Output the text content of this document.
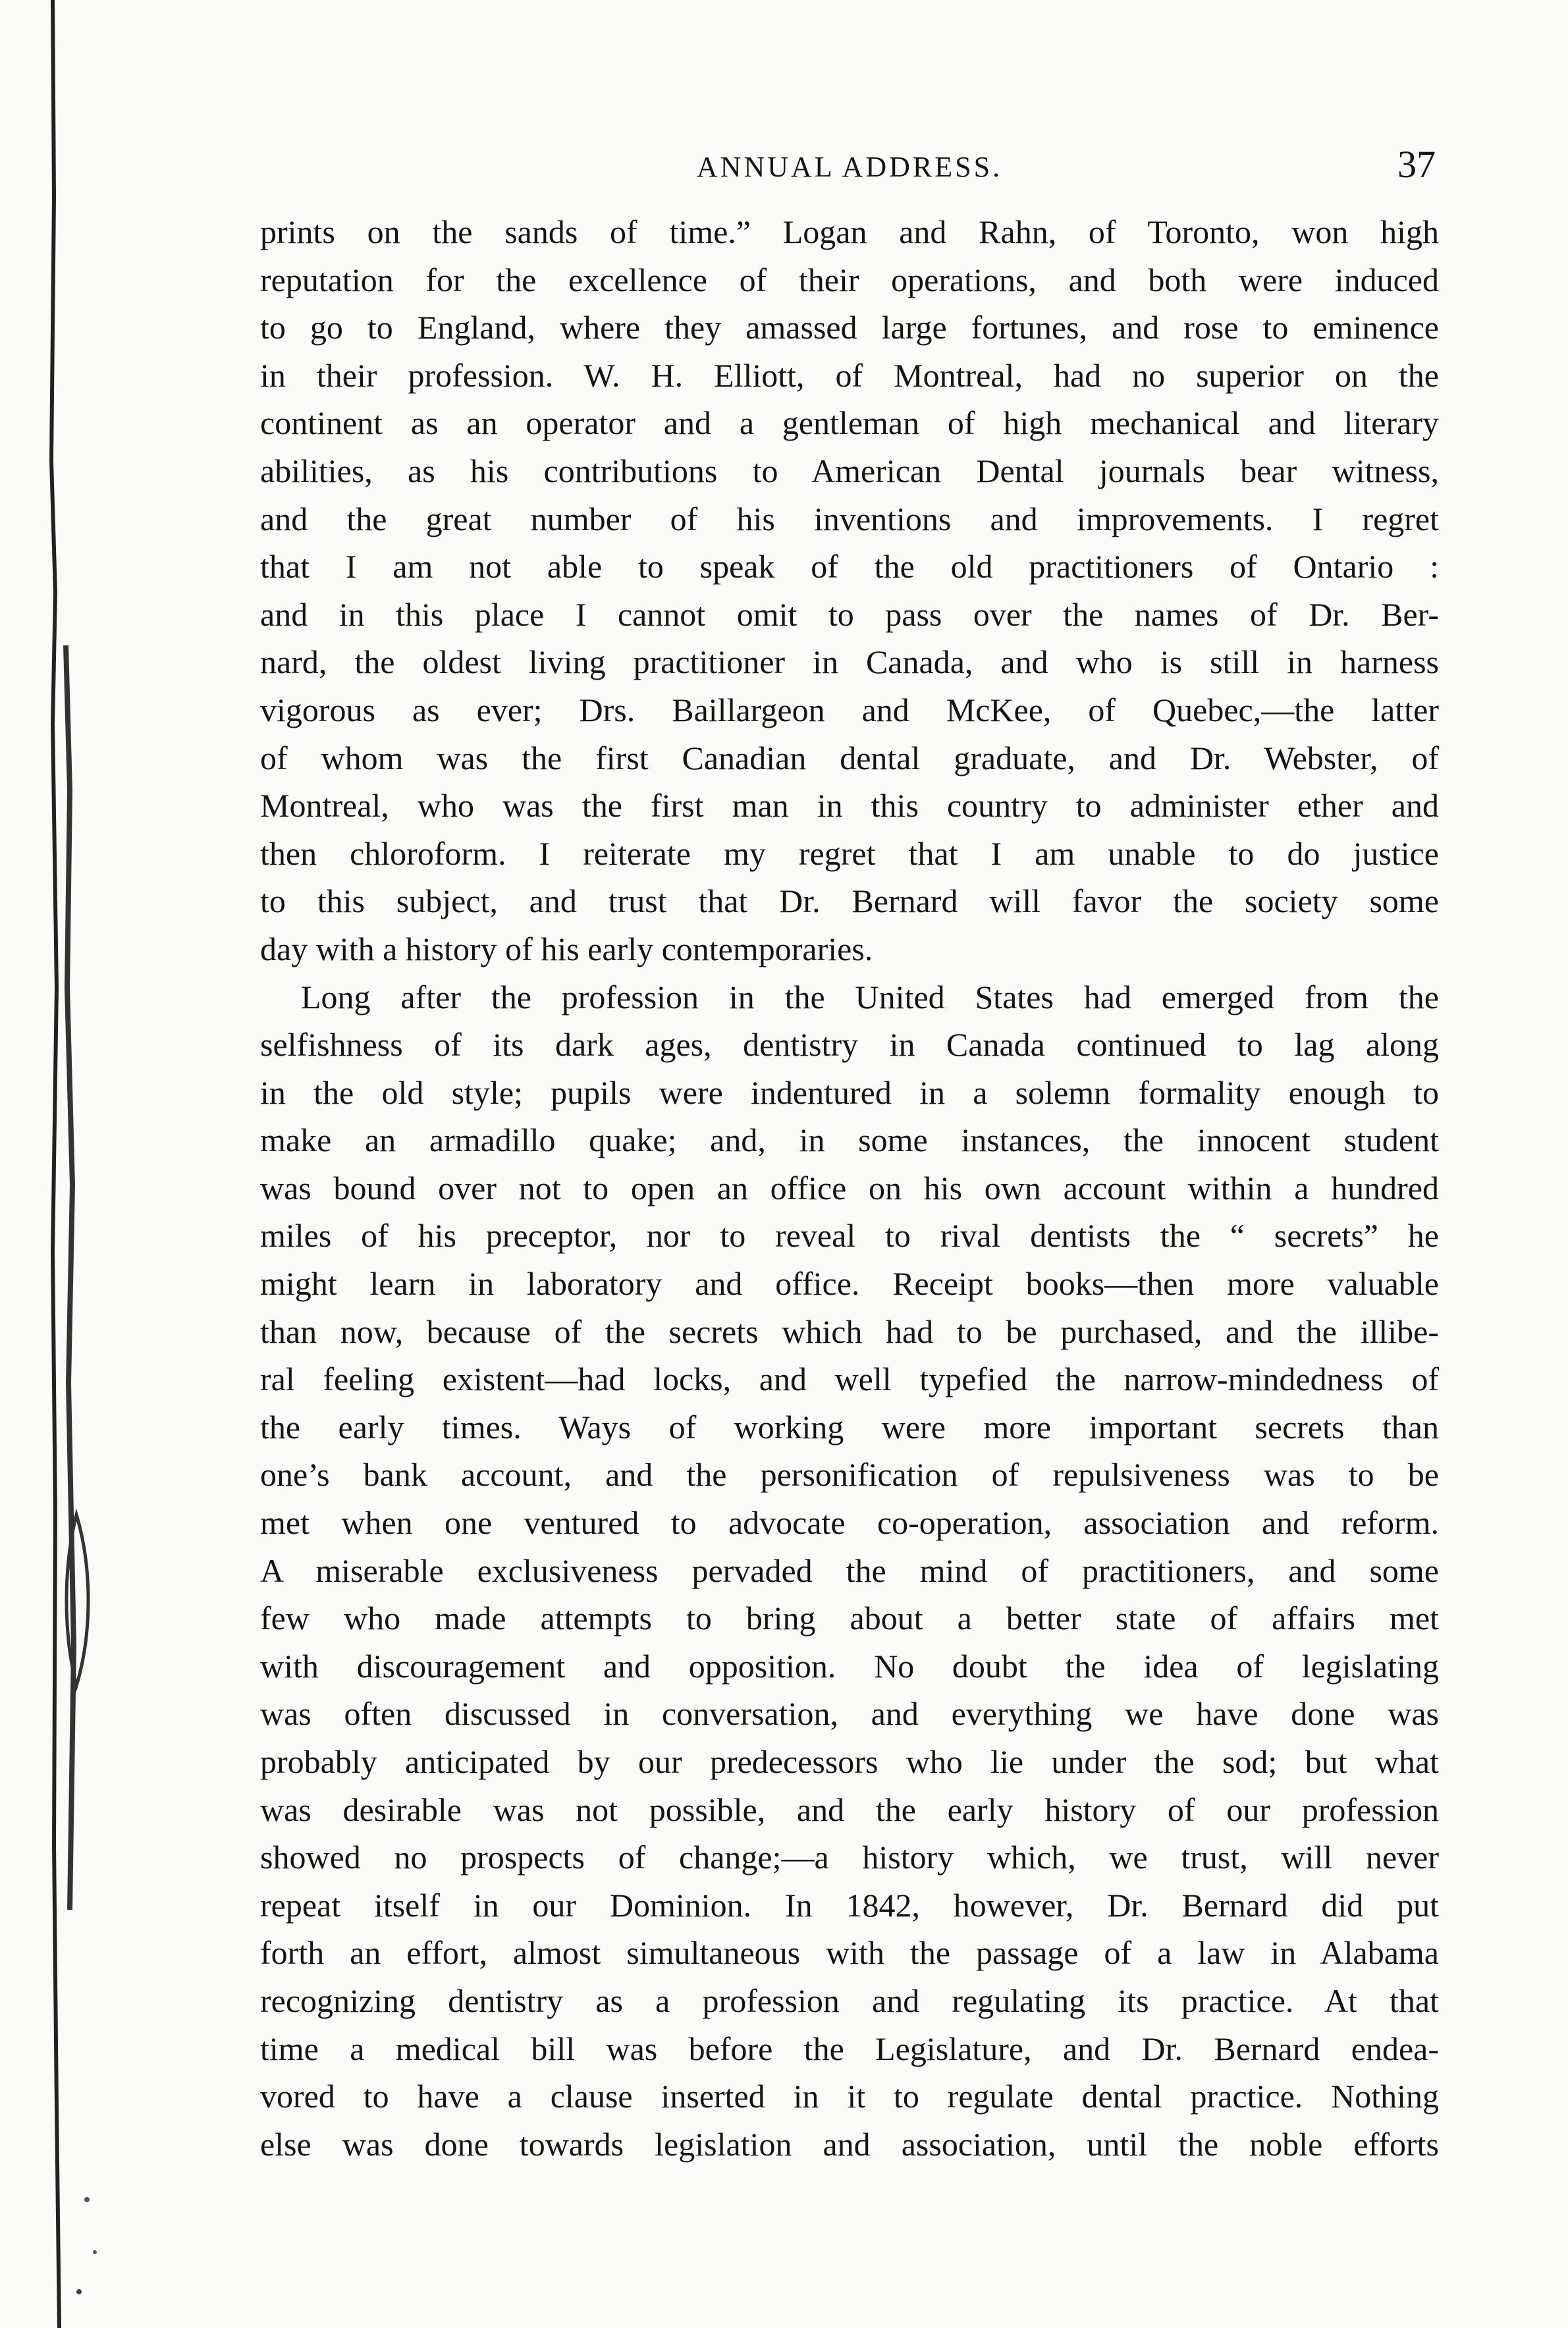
ANNUAL ADDRESS.	37
prints on the sands of time.” Logan and Rahn, of Toronto, won high
reputation for the excellence of their operations, and both were induced
to go to England, where they amassed large fortunes, and rose to eminence
in their profession. W. H. Elliott, of Montreal, had no superior on the
continent as an operator and a gentleman of high mechanical and literary
abilities, as his contributions to American Dental journals bear witness,
and the great number of his inventions and improvements. I regret
that I am not able to speak of the old practitioners of Ontario :
and in this place I cannot omit to pass over the names of Dr. Ber-
nard, the oldest living practitioner in Canada, and who is still in harness
vigorous as ever; Drs. Baillargeon and McKee, of Quebec,—the latter
of whom was the first Canadian dental graduate, and Dr. Webster, of
Montreal, who was the first man in this country to administer ether and
then chloroform. I reiterate my regret that I am unable to do justice
to this subject, and trust that Dr. Bernard will favor the society some
day with a history of his early contemporaries.
Long after the profession in the United States had emerged from the
selfishness of its dark ages, dentistry in Canada continued to lag along
in the old style; pupils were indentured in a solemn formality enough to
make an armadillo quake; and, in some instances, the innocent student
was bound over not to open an office on his own account within a hundred
miles of his preceptor, nor to reveal to rival dentists the “ secrets” he
might learn in laboratory and office. Receipt books—then more valuable
than now, because of the secrets which had to be purchased, and the illibe-
ral feeling existent—had locks, and well typefied the narrow-mindedness of
the early times. Ways of working were more important secrets than
one’s bank account, and the personification of repulsiveness was to be
met when one ventured to advocate co-operation, association and reform.
A miserable exclusiveness pervaded the mind of practitioners, and some
few who made attempts to bring about a better state of affairs met
with discouragement and opposition. No doubt the idea of legislating
was often discussed in conversation, and everything we have done was
probably anticipated by our predecessors who lie under the sod; but what
was desirable was not possible, and the early history of our profession
showed no prospects of change;—a history which, we trust, will never
repeat itself in our Dominion. In 1842, however, Dr. Bernard did put
forth an effort, almost simultaneous with the passage of a law in Alabama
recognizing dentistry as a profession and regulating its practice. At that
time a medical bill was before the Legislature, and Dr. Bernard endea-
vored to have a clause inserted in it to regulate dental practice. Nothing
else was done towards legislation and association, until the noble efforts
